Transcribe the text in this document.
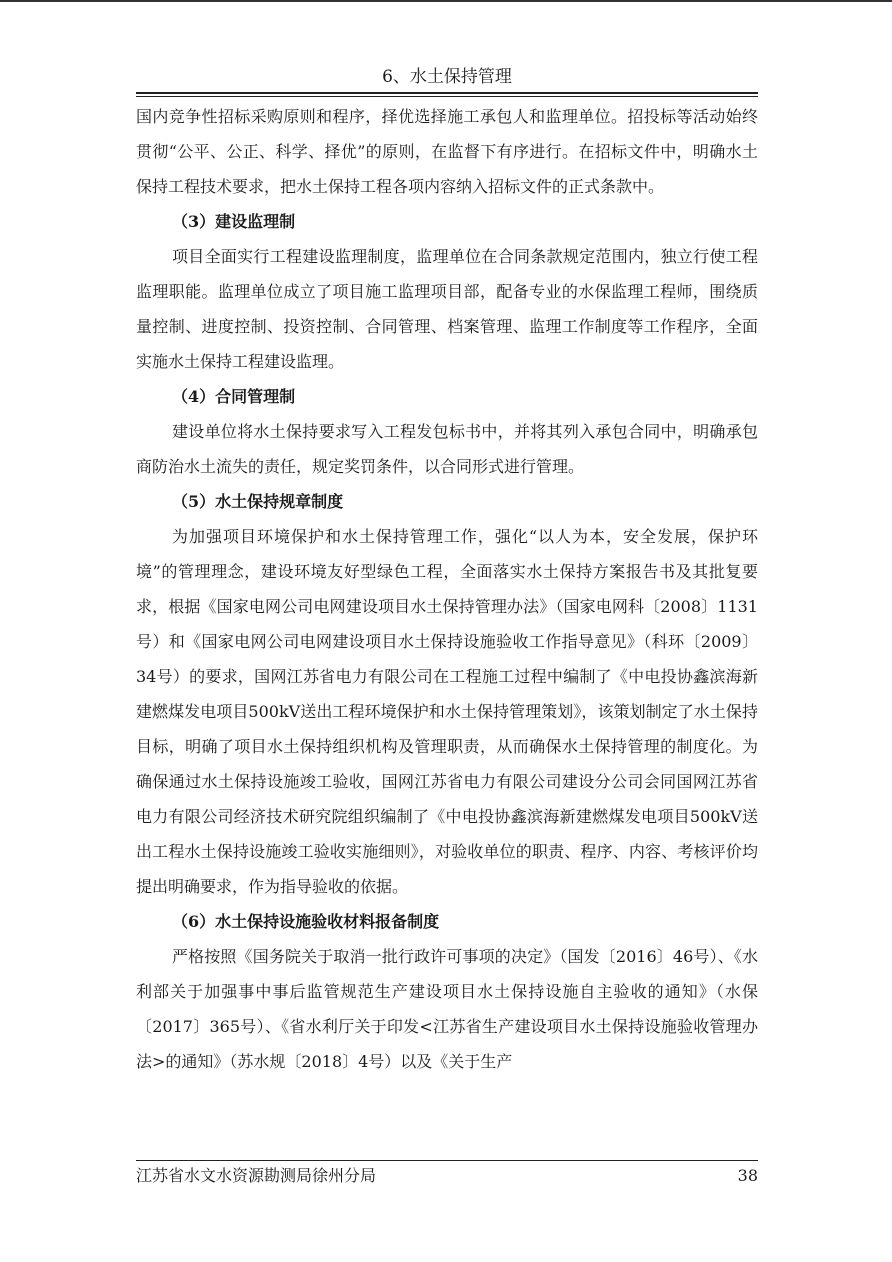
6、水土保持管理

国内竞争性招标采购原则和程序，择优选择施工承包人和监理单位。招投标等活动始终贯彻“公平、公正、科学、择优”的原则，在监督下有序进行。在招标文件中，明确水土保持工程技术要求，把水土保持工程各项内容纳入招标文件的正式条款中。

（3）建设监理制

项目全面实行工程建设监理制度，监理单位在合同条款规定范围内，独立行使工程监理职能。监理单位成立了项目施工监理项目部，配备专业的水保监理工程师，围绕质量控制、进度控制、投资控制、合同管理、档案管理、监理工作制度等工作程序，全面实施水土保持工程建设监理。

（4）合同管理制

建设单位将水土保持要求写入工程发包标书中，并将其列入承包合同中，明确承包商防治水土流失的责任，规定奖罚条件，以合同形式进行管理。

（5）水土保持规章制度

为加强项目环境保护和水土保持管理工作，强化“以人为本，安全发展，保护环境”的管理理念，建设环境友好型绿色工程，全面落实水土保持方案报告书及其批复要求，根据《国家电网公司电网建设项目水土保持管理办法》（国家电网科〔2008〕1131号）和《国家电网公司电网建设项目水土保持设施验收工作指导意见》（科环〔2009〕34号）的要求，国网江苏省电力有限公司在工程施工过程中编制了《中电投协鑫滨海新建燃煤发电项目500kV送出工程环境保护和水土保持管理策划》，该策划制定了水土保持目标，明确了项目水土保持组织机构及管理职责，从而确保水土保持管理的制度化。为确保通过水土保持设施竣工验收，国网江苏省电力有限公司建设分公司会同国网江苏省电力有限公司经济技术研究院组织编制了《中电投协鑫滨海新建燃煤发电项目500kV送出工程水土保持设施竣工验收实施细则》，对验收单位的职责、程序、内容、考核评价均提出明确要求，作为指导验收的依据。

（6）水土保持设施验收材料报备制度

严格按照《国务院关于取消一批行政许可事项的决定》（国发〔2016〕46号）、《水利部关于加强事中事后监管规范生产建设项目水土保持设施自主验收的通知》（水保〔2017〕365号）、《省水利厅关于印发<江苏省生产建设项目水土保持设施验收管理办法>的通知》（苏水规〔2018〕4号）以及《关于生产

江苏省水文水资源勘测局徐州分局	38
